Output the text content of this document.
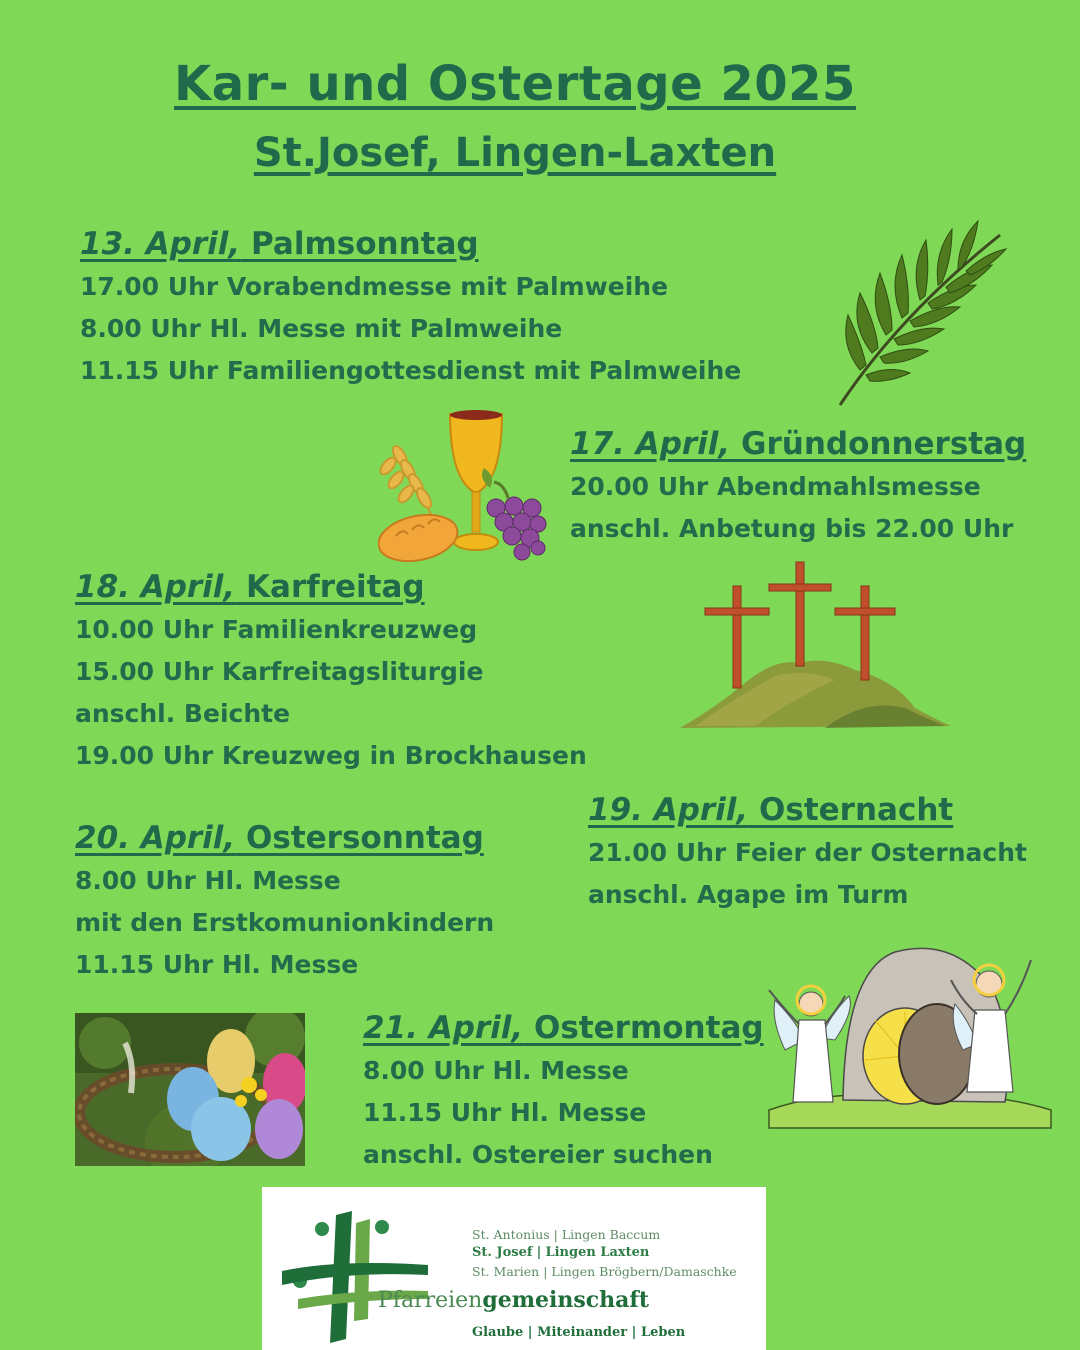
Kar- und Ostertage 2025
St.Josef, Lingen-Laxten
13. April, Palmsonntag
17.00 Uhr Vorabendmesse mit Palmweihe
8.00 Uhr Hl. Messe mit Palmweihe
11.15 Uhr Familiengottesdienst mit Palmweihe
17. April, Gründonnerstag
20.00 Uhr Abendmahlsmesse
anschl. Anbetung bis 22.00 Uhr
18. April, Karfreitag
10.00 Uhr Familienkreuzweg
15.00 Uhr Karfreitagsliturgie
anschl. Beichte
19.00 Uhr Kreuzweg in Brockhausen
19. April, Osternacht
21.00 Uhr Feier der Osternacht
anschl. Agape im Turm
20. April, Ostersonntag
8.00 Uhr Hl. Messe
mit den Erstkomunionkindern
11.15 Uhr Hl. Messe
21. April, Ostermontag
8.00 Uhr Hl. Messe
11.15 Uhr Hl. Messe
anschl. Ostereier suchen
St. Antonius | Lingen Baccum
St. Josef | Lingen Laxten
St. Marien | Lingen Brögbern/Damaschke
Pfarreiengemeinschaft
Glaube | Miteinander | Leben
